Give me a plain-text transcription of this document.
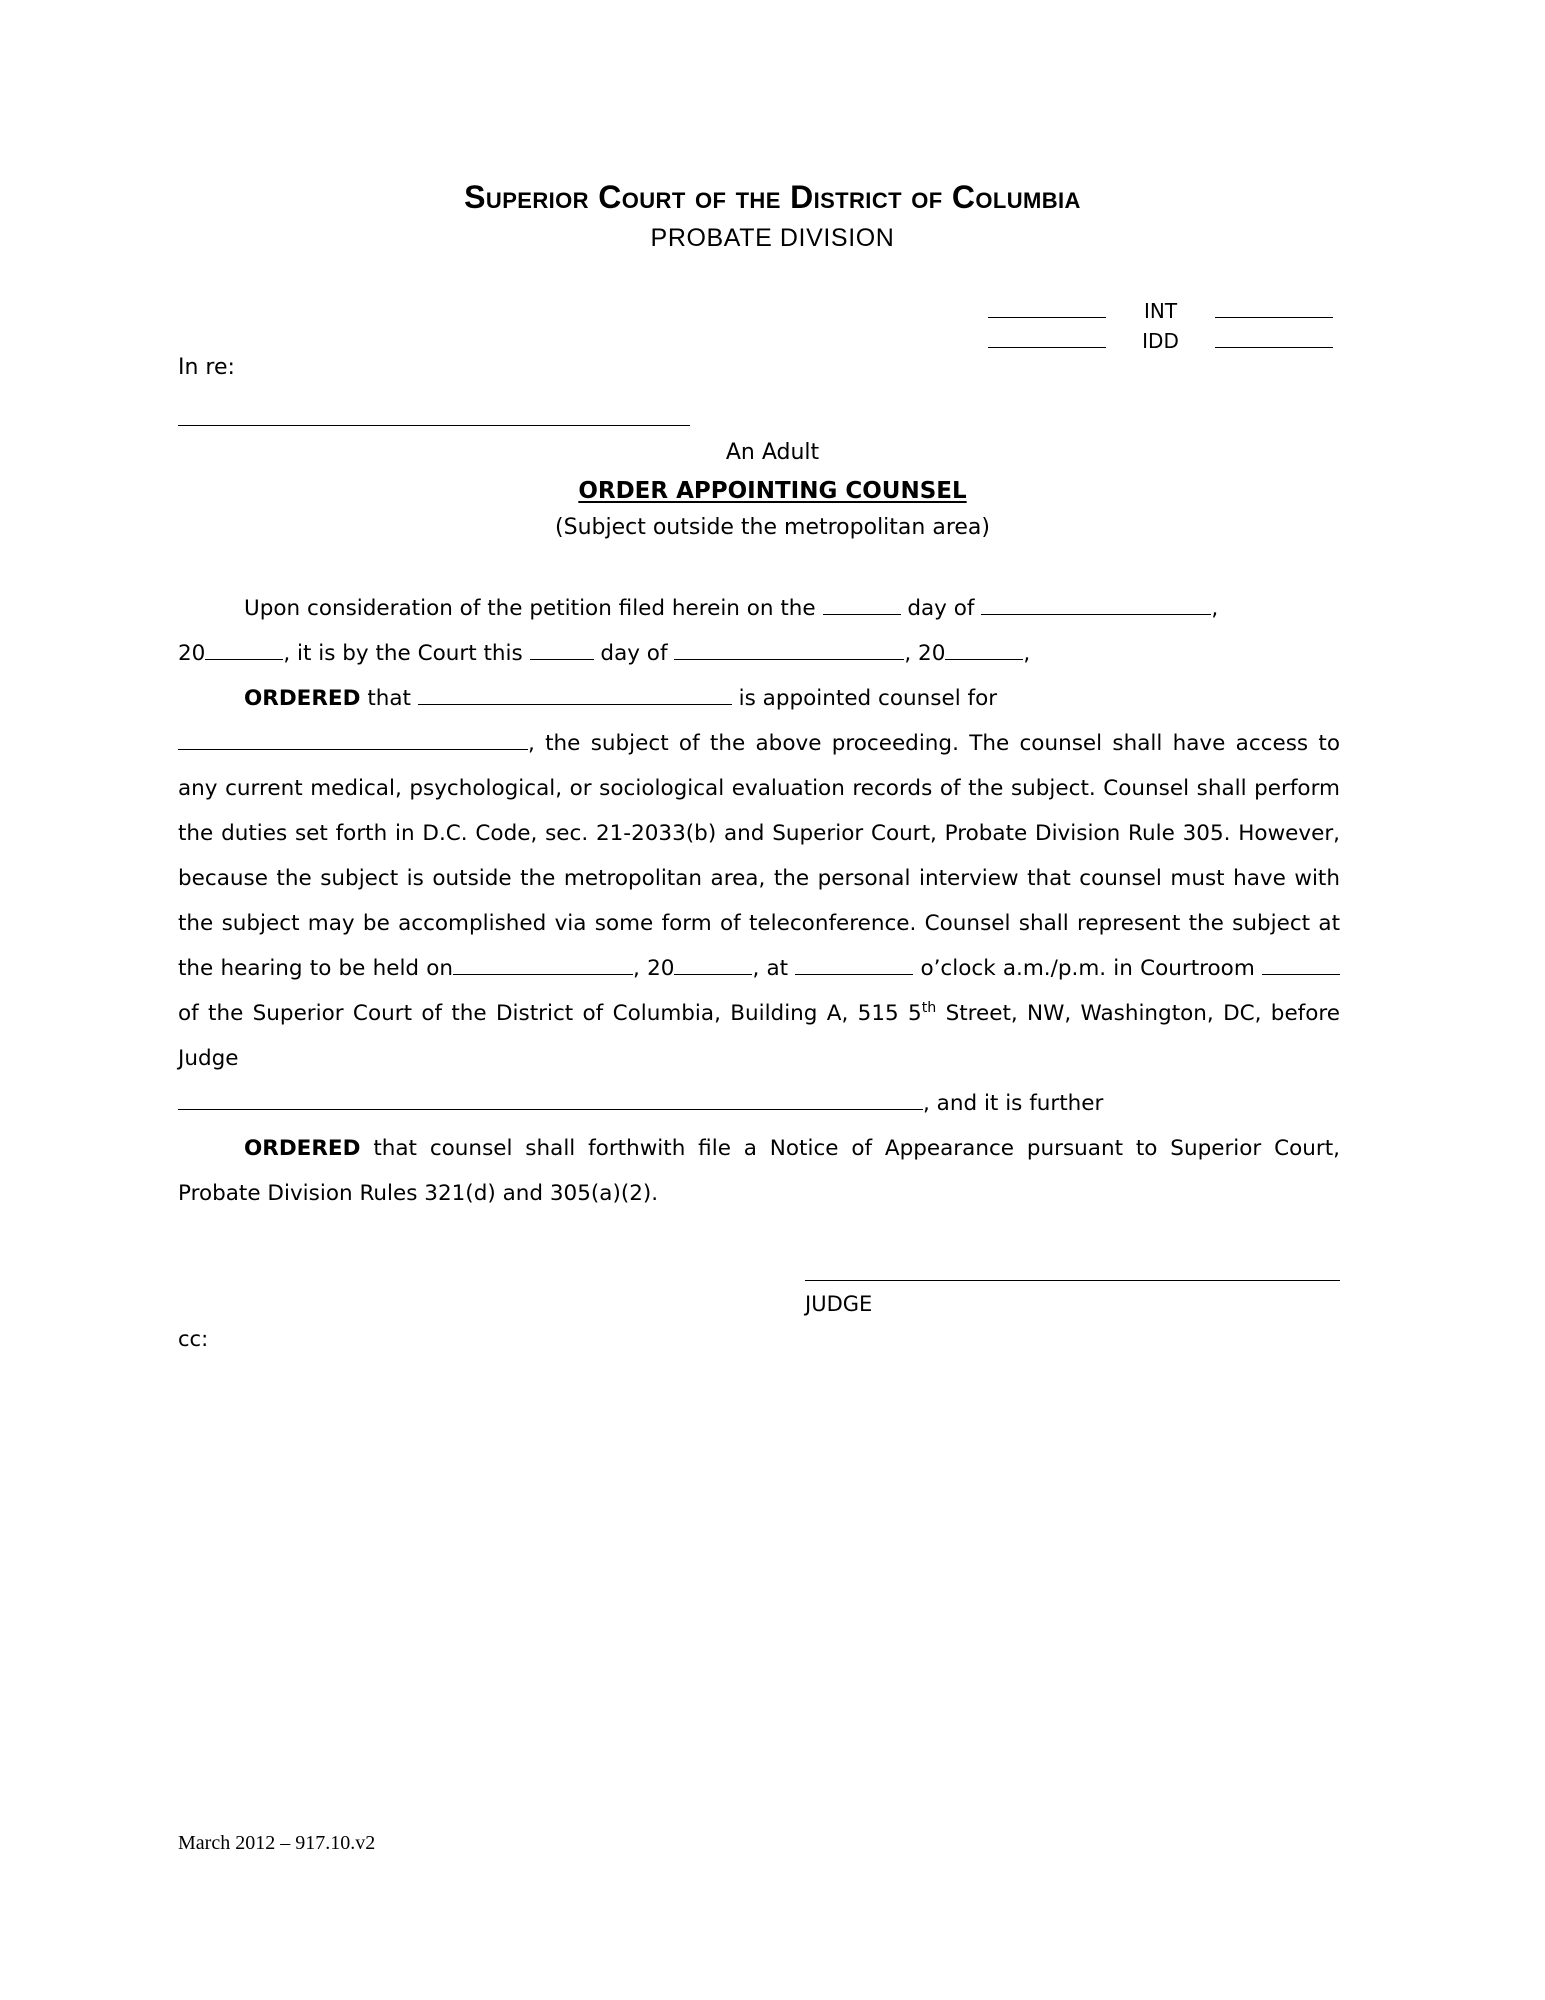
Superior Court of the District of Columbia
PROBATE DIVISION
INT
IDD
In re:
An Adult
ORDER APPOINTING COUNSEL
(Subject outside the metropolitan area)

Upon consideration of the petition filed herein on the	day of	,

20	, it is by the Court this	day of	, 20	,

ORDERED that	is appointed counsel for

, the subject of the above proceeding. The counsel shall have access to any current medical, psychological, or sociological evaluation records of the subject. Counsel shall perform the duties set forth in D.C. Code, sec. 21-2033(b) and Superior Court, Probate Division Rule 305. However, because the subject is outside the metropolitan area, the personal interview that counsel must have with the subject may be accomplished via some form of teleconference. Counsel shall represent the subject at the hearing to be held on	, 20	, at	o’clock a.m./p.m. in Courtroom  of the Superior Court of the District of Columbia, Building A, 515 5th Street, NW, Washington, DC, before Judge

, and it is further

ORDERED that counsel shall forthwith file a Notice of Appearance pursuant to Superior Court, Probate Division Rules 321(d) and 305(a)(2).

JUDGE
cc:
March 2012 – 917.10.v2
